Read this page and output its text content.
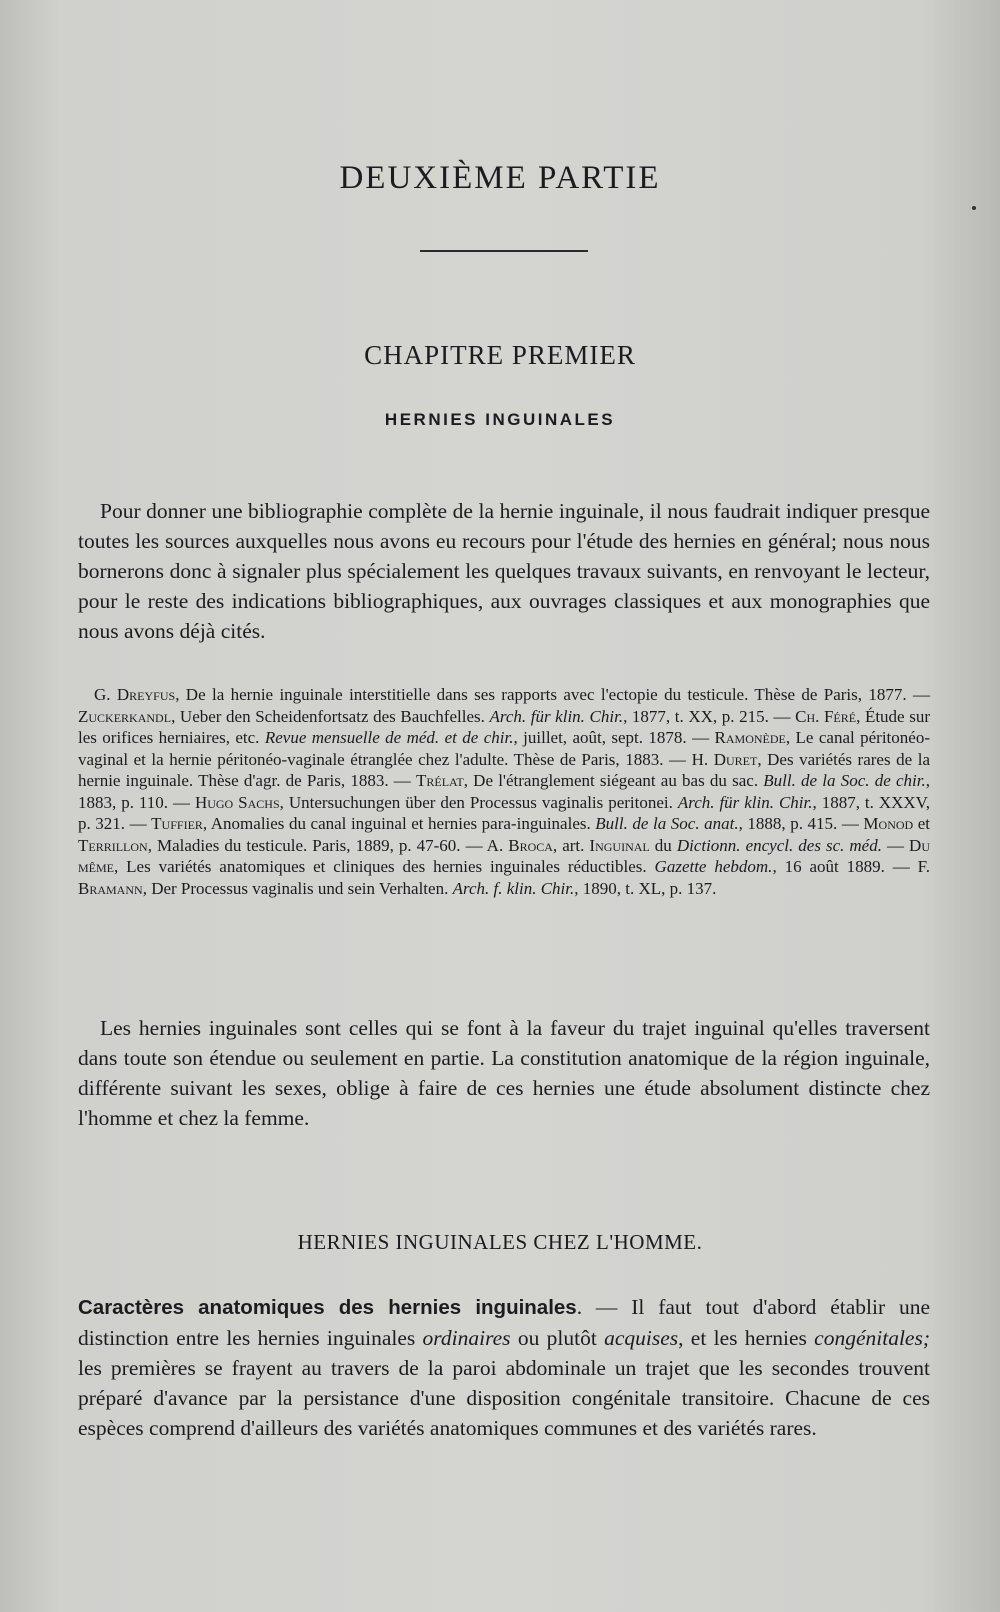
DEUXIÈME PARTIE
CHAPITRE PREMIER
HERNIES INGUINALES

Pour donner une bibliographie complète de la hernie inguinale, il nous faudrait indiquer presque toutes les sources auxquelles nous avons eu recours pour l'étude des hernies en général; nous nous bornerons donc à signaler plus spécialement les quelques travaux suivants, en renvoyant le lecteur, pour le reste des indications bibliographiques, aux ouvrages classiques et aux monographies que nous avons déjà cités.

G. Dreyfus, De la hernie inguinale interstitielle dans ses rapports avec l'ectopie du testicule. Thèse de Paris, 1877. — Zuckerkandl, Ueber den Scheidenfortsatz des Bauchfelles. Arch. für klin. Chir., 1877, t. XX, p. 215. — Ch. Féré, Étude sur les orifices herniaires, etc. Revue mensuelle de méd. et de chir., juillet, août, sept. 1878. — Ramonède, Le canal péritonéo-vaginal et la hernie péritonéo-vaginale étranglée chez l'adulte. Thèse de Paris, 1883. — H. Duret, Des variétés rares de la hernie inguinale. Thèse d'agr. de Paris, 1883. — Trélat, De l'étranglement siégeant au bas du sac. Bull. de la Soc. de chir., 1883, p. 110. — Hugo Sachs, Untersuchungen über den Processus vaginalis peritonei. Arch. für klin. Chir., 1887, t. XXXV, p. 321. — Tuffier, Anomalies du canal inguinal et hernies para-inguinales. Bull. de la Soc. anat., 1888, p. 415. — Monod et Terrillon, Maladies du testicule. Paris, 1889, p. 47-60. — A. Broca, art. Inguinal du Dictionn. encycl. des sc. méd. — Du même, Les variétés anatomiques et cliniques des hernies inguinales réductibles. Gazette hebdom., 16 août 1889. — F. Bramann, Der Processus vaginalis und sein Verhalten. Arch. f. klin. Chir., 1890, t. XL, p. 137.

Les hernies inguinales sont celles qui se font à la faveur du trajet inguinal qu'elles traversent dans toute son étendue ou seulement en partie. La constitution anatomique de la région inguinale, différente suivant les sexes, oblige à faire de ces hernies une étude absolument distincte chez l'homme et chez la femme.

HERNIES INGUINALES CHEZ L'HOMME.

Caractères anatomiques des hernies inguinales. — Il faut tout d'abord établir une distinction entre les hernies inguinales ordinaires ou plutôt acquises, et les hernies congénitales; les premières se frayent au travers de la paroi abdominale un trajet que les secondes trouvent préparé d'avance par la persistance d'une disposition congénitale transitoire. Chacune de ces espèces comprend d'ailleurs des variétés anatomiques communes et des variétés rares.
